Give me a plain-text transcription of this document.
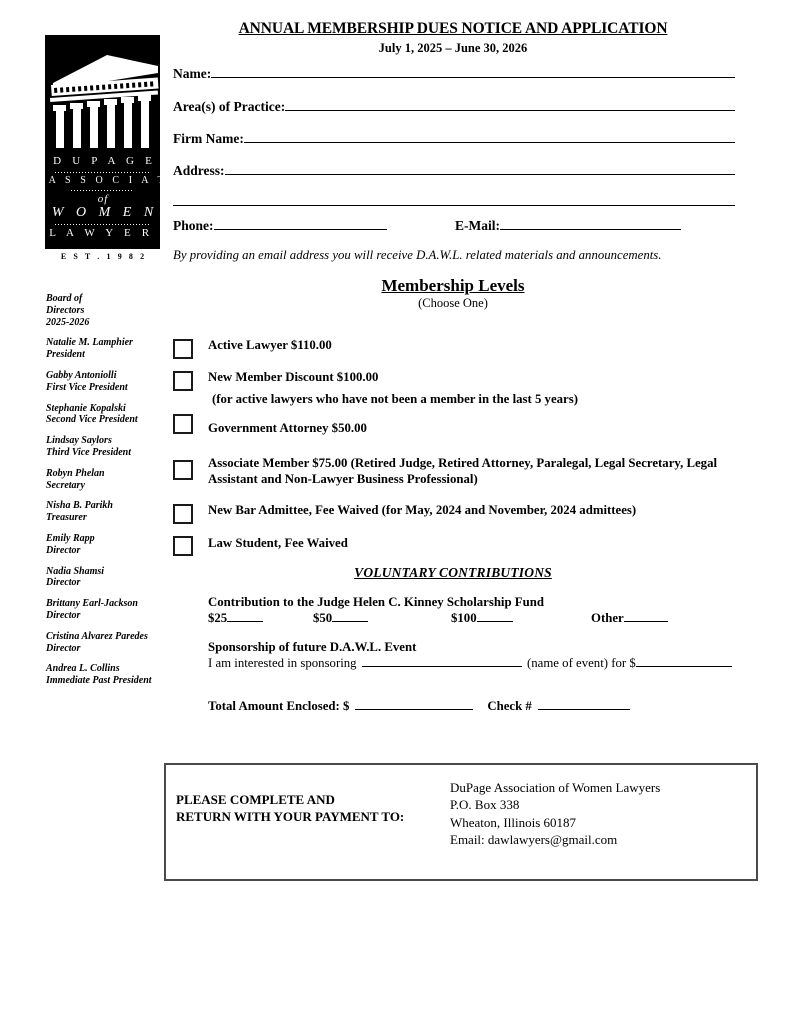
D U P A G E
A S S O C I A T I O N
of
W O M E N
L A W Y E R S
E S T . 1 9 8 2
Board of
Directors
2025-2026
Natalie M. Lamphier
President
Gabby Antoniolli
First Vice President
Stephanie Kopalski
Second Vice President
Lindsay Saylors
Third Vice President
Robyn Phelan
Secretary
Nisha B. Parikh
Treasurer
Emily Rapp
Director
Nadia Shamsi
Director
Brittany Earl-Jackson
Director
Cristina Alvarez Paredes
Director
Andrea L. Collins
Immediate Past President
ANNUAL MEMBERSHIP DUES NOTICE AND APPLICATION
July 1, 2025 – June 30, 2026
Name:
Area(s) of Practice:
Firm Name:
Address:
Phone:	E-Mail:
By providing an email address you will receive D.A.W.L. related materials and announcements.
Membership Levels
(Choose One)
Active Lawyer $110.00
New Member Discount $100.00
(for active lawyers who have not been a member in the last 5 years)
Government Attorney $50.00
Associate Member $75.00 (Retired Judge, Retired Attorney, Paralegal, Legal Secretary, Legal Assistant and Non-Lawyer Business Professional)
New Bar Admittee, Fee Waived (for May, 2024 and November, 2024 admittees)
Law Student, Fee Waived
VOLUNTARY CONTRIBUTIONS
Contribution to the Judge Helen C. Kinney Scholarship Fund
$25	$50	$100	Other
Sponsorship of future D.A.W.L. Event
I am interested in sponsoring	(name of event) for $
Total Amount Enclosed: $	Check #
PLEASE COMPLETE AND
RETURN WITH YOUR PAYMENT TO:
DuPage Association of Women Lawyers
P.O. Box 338
Wheaton, Illinois 60187
Email: dawlawyers@gmail.com
